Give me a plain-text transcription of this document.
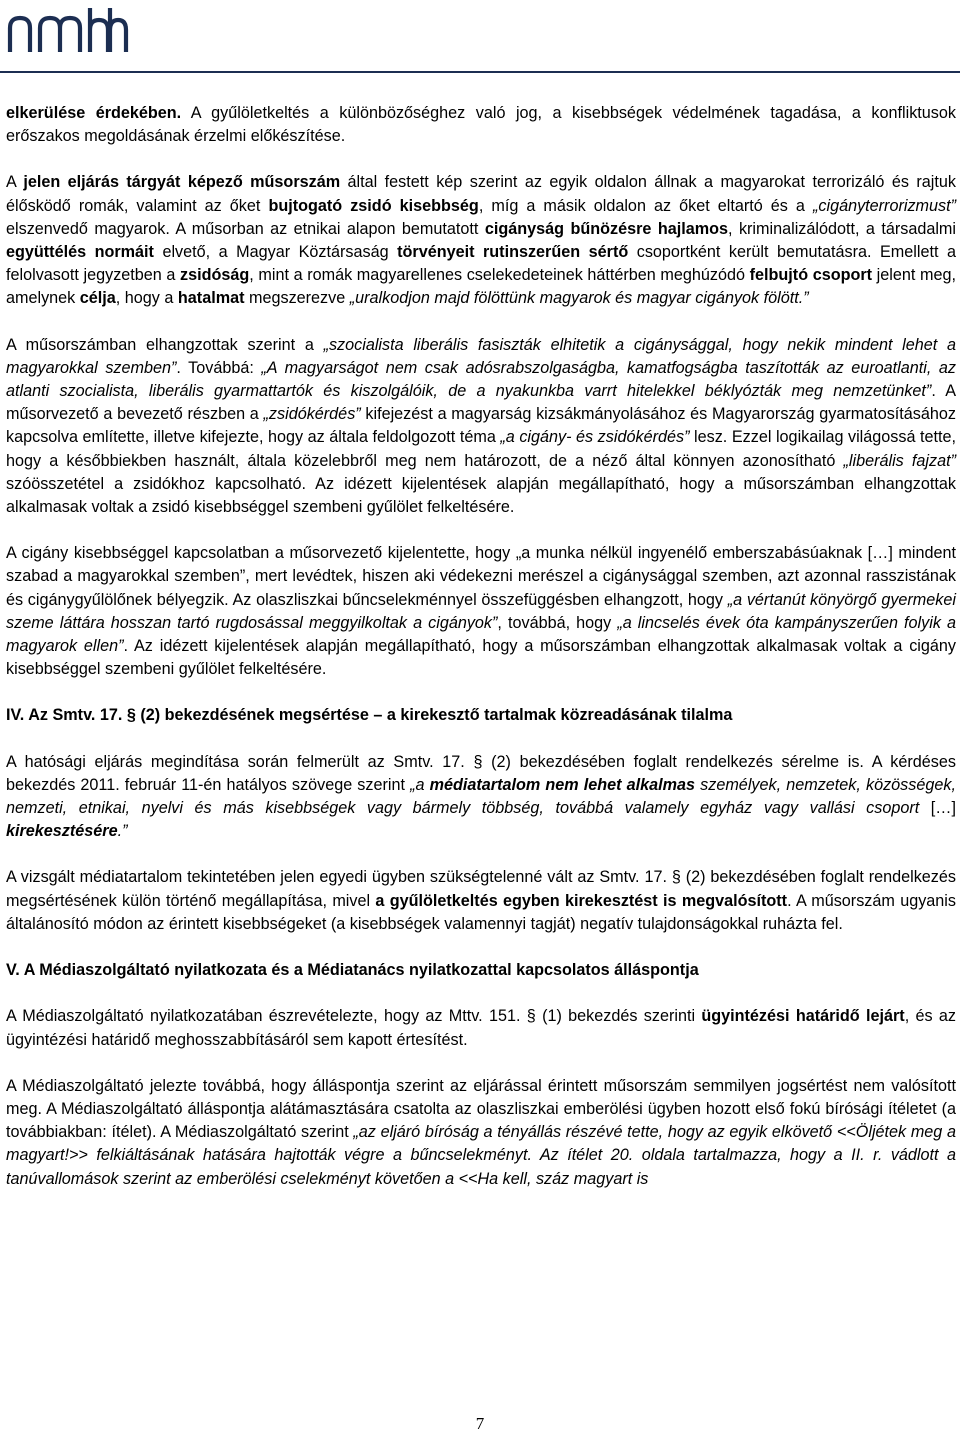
elkerülése érdekében. A gyűlöletkeltés a különbözőséghez való jog, a kisebbségek védelmének tagadása, a konfliktusok erőszakos megoldásának érzelmi előkészítése.

A jelen eljárás tárgyát képező műsorszám által festett kép szerint az egyik oldalon állnak a magyarokat terrorizáló és rajtuk élősködő romák, valamint az őket bujtogató zsidó kisebbség, míg a másik oldalon az őket eltartó és a „cigányterrorizmust” elszenvedő magyarok. A műsorban az etnikai alapon bemutatott cigányság bűnözésre hajlamos, kriminalizálódott, a társadalmi együttélés normáit elvető, a Magyar Köztársaság törvényeit rutinszerűen sértő csoportként került bemutatásra. Emellett a felolvasott jegyzetben a zsidóság, mint a romák magyarellenes cselekedeteinek háttérben meghúzódó felbujtó csoport jelent meg, amelynek célja, hogy a hatalmat megszerezve „uralkodjon majd fölöttünk magyarok és magyar cigányok fölött.”

A műsorszámban elhangzottak szerint a „szocialista liberális fasiszták elhitetik a cigánysággal, hogy nekik mindent lehet a magyarokkal szemben”. Továbbá: „A magyarságot nem csak adósrabszolgaságba, kamatfogságba taszították az euroatlanti, az atlanti szocialista, liberális gyarmattartók és kiszolgálóik, de a nyakunkba varrt hitelekkel béklyózták meg nemzetünket”. A műsorvezető a bevezető részben a „zsidókérdés” kifejezést a magyarság kizsákmányolásához és Magyarország gyarmatosításához kapcsolva említette, illetve kifejezte, hogy az általa feldolgozott téma „a cigány- és zsidókérdés” lesz. Ezzel logikailag világossá tette, hogy a későbbiekben használt, általa közelebbről meg nem határozott, de a néző által könnyen azonosítható „liberális fajzat” szóösszetétel a zsidókhoz kapcsolható. Az idézett kijelentések alapján megállapítható, hogy a műsorszámban elhangzottak alkalmasak voltak a zsidó kisebbséggel szembeni gyűlölet felkeltésére.

A cigány kisebbséggel kapcsolatban a műsorvezető kijelentette, hogy „a munka nélkül ingyenélő emberszabásúaknak […] mindent szabad a magyarokkal szemben”, mert levédtek, hiszen aki védekezni merészel a cigánysággal szemben, azt azonnal rasszistának és cigánygyűlölőnek bélyegzik. Az olaszliszkai bűncselekménnyel összefüggésben elhangzott, hogy „a vértanút könyörgő gyermekei szeme láttára hosszan tartó rugdosással meggyilkoltak a cigányok”, továbbá, hogy „a lincselés évek óta kampányszerűen folyik a magyarok ellen”. Az idézett kijelentések alapján megállapítható, hogy a műsorszámban elhangzottak alkalmasak voltak a cigány kisebbséggel szembeni gyűlölet felkeltésére.

IV. Az Smtv. 17. § (2) bekezdésének megsértése – a kirekesztő tartalmak közreadásának tilalma

A hatósági eljárás megindítása során felmerült az Smtv. 17. § (2) bekezdésében foglalt rendelkezés sérelme is. A kérdéses bekezdés 2011. február 11-én hatályos szövege szerint „a médiatartalom nem lehet alkalmas személyek, nemzetek, közösségek, nemzeti, etnikai, nyelvi és más kisebbségek vagy bármely többség, továbbá valamely egyház vagy vallási csoport […] kirekesztésére.”

A vizsgált médiatartalom tekintetében jelen egyedi ügyben szükségtelenné vált az Smtv. 17. § (2) bekezdésében foglalt rendelkezés megsértésének külön történő megállapítása, mivel a gyűlöletkeltés egyben kirekesztést is megvalósított. A műsorszám ugyanis általánosító módon az érintett kisebbségeket (a kisebbségek valamennyi tagját) negatív tulajdonságokkal ruházta fel.

V. A Médiaszolgáltató nyilatkozata és a Médiatanács nyilatkozattal kapcsolatos álláspontja

A Médiaszolgáltató nyilatkozatában észrevételezte, hogy az Mttv. 151. § (1) bekezdés szerinti ügyintézési határidő lejárt, és az ügyintézési határidő meghosszabbításáról sem kapott értesítést.

A Médiaszolgáltató jelezte továbbá, hogy álláspontja szerint az eljárással érintett műsorszám semmilyen jogsértést nem valósított meg. A Médiaszolgáltató álláspontja alátámasztására csatolta az olaszliszkai emberölési ügyben hozott első fokú bírósági ítéletet (a továbbiakban: ítélet). A Médiaszolgáltató szerint „az eljáró bíróság a tényállás részévé tette, hogy az egyik elkövető <<Öljétek meg a magyart!>> felkiáltásának hatására hajtották végre a bűncselekményt. Az ítélet 20. oldala tartalmazza, hogy a II. r. vádlott a tanúvallomások szerint az emberölési cselekményt követően a <<Ha kell, száz magyart is

7
